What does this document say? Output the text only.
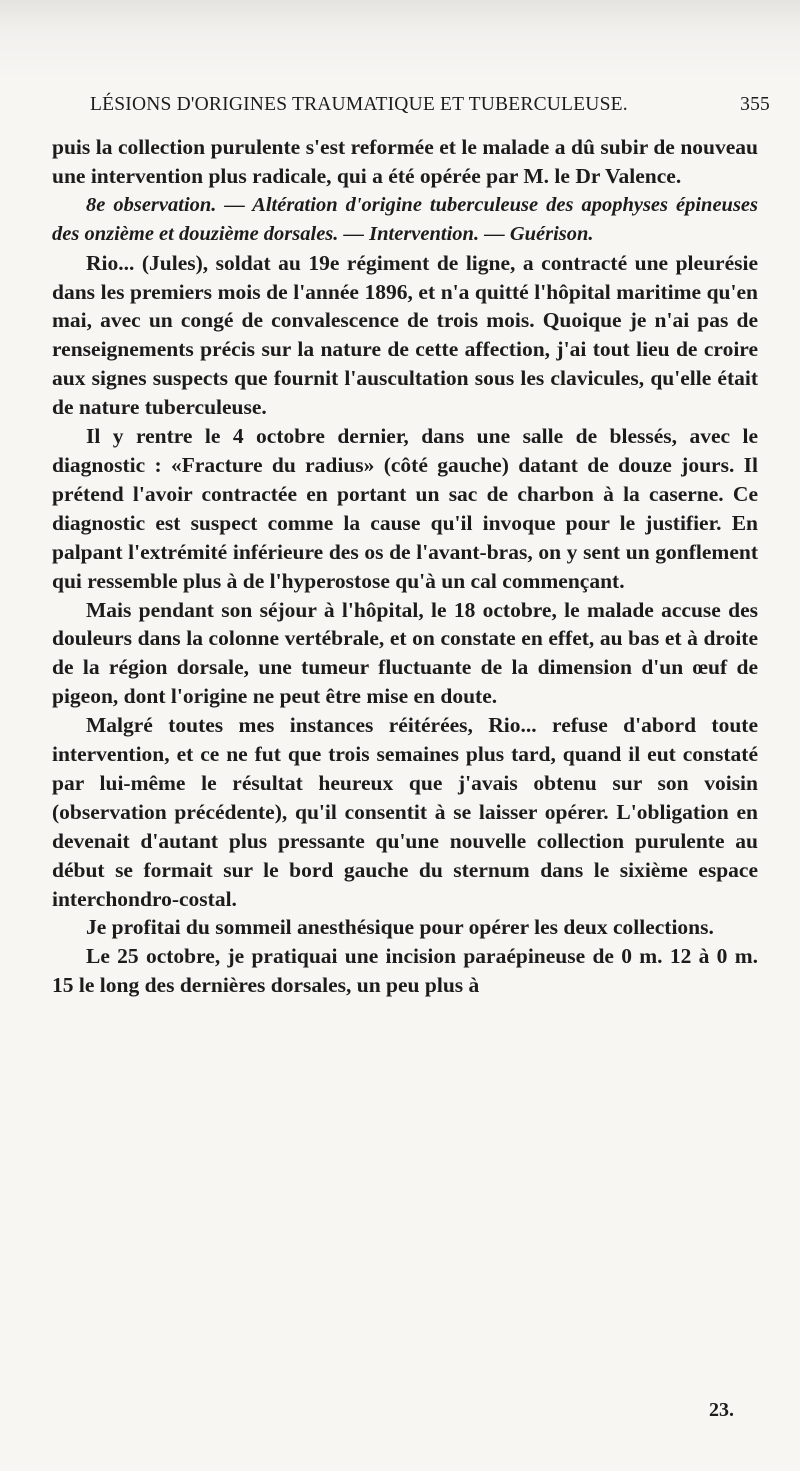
LÉSIONS D'ORIGINES TRAUMATIQUE ET TUBERCULEUSE.	355

puis la collection purulente s'est reformée et le malade a dû subir de nouveau une intervention plus radicale, qui a été opérée par M. le Dr Valence.

8e observation. — Altération d'origine tuberculeuse des apophyses épineuses des onzième et douzième dorsales. — Intervention. — Guérison.

Rio... (Jules), soldat au 19e régiment de ligne, a contracté une pleurésie dans les premiers mois de l'année 1896, et n'a quitté l'hôpital maritime qu'en mai, avec un congé de convalescence de trois mois. Quoique je n'ai pas de renseignements précis sur la nature de cette affection, j'ai tout lieu de croire aux signes suspects que fournit l'auscultation sous les clavicules, qu'elle était de nature tuberculeuse.

Il y rentre le 4 octobre dernier, dans une salle de blessés, avec le diagnostic : «Fracture du radius» (côté gauche) datant de douze jours. Il prétend l'avoir contractée en portant un sac de charbon à la caserne. Ce diagnostic est suspect comme la cause qu'il invoque pour le justifier. En palpant l'extrémité inférieure des os de l'avant-bras, on y sent un gonflement qui ressemble plus à de l'hyperostose qu'à un cal commençant.

Mais pendant son séjour à l'hôpital, le 18 octobre, le malade accuse des douleurs dans la colonne vertébrale, et on constate en effet, au bas et à droite de la région dorsale, une tumeur fluctuante de la dimension d'un œuf de pigeon, dont l'origine ne peut être mise en doute.

Malgré toutes mes instances réitérées, Rio... refuse d'abord toute intervention, et ce ne fut que trois semaines plus tard, quand il eut constaté par lui-même le résultat heureux que j'avais obtenu sur son voisin (observation précédente), qu'il consentit à se laisser opérer. L'obligation en devenait d'autant plus pressante qu'une nouvelle collection purulente au début se formait sur le bord gauche du sternum dans le sixième espace interchondro-costal.

Je profitai du sommeil anesthésique pour opérer les deux collections.

Le 25 octobre, je pratiquai une incision paraépineuse de 0 m. 12 à 0 m. 15 le long des dernières dorsales, un peu plus à

23.
